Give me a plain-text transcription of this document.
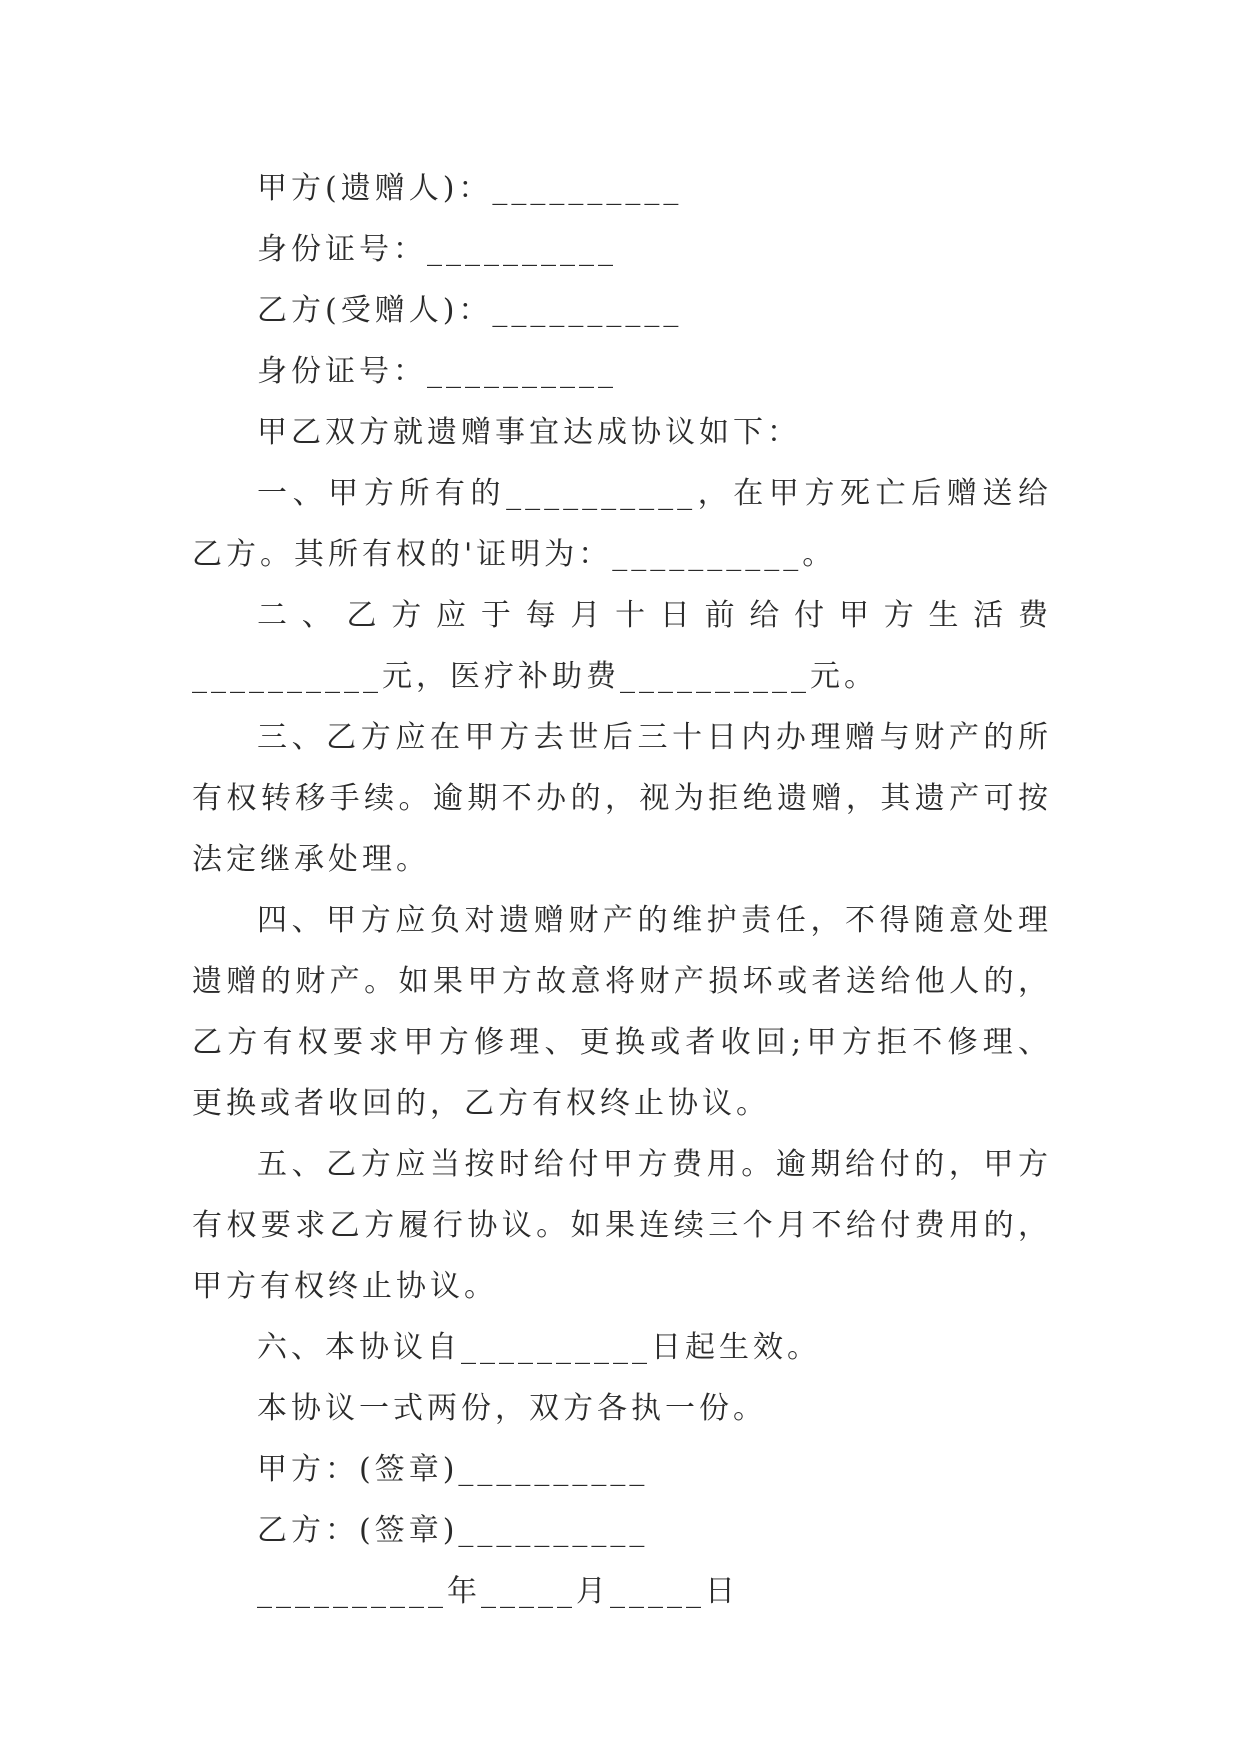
甲方(遗赠人)：__________

身份证号：__________

乙方(受赠人)：__________

身份证号：__________

甲乙双方就遗赠事宜达成协议如下：

一、甲方所有的__________，在甲方死亡后赠送给乙方。其所有权的'证明为：__________。

二、乙方应于每月十日前给付甲方生活费__________元，医疗补助费__________元。

三、乙方应在甲方去世后三十日内办理赠与财产的所有权转移手续。逾期不办的，视为拒绝遗赠，其遗产可按法定继承处理。

四、甲方应负对遗赠财产的维护责任，不得随意处理遗赠的财产。如果甲方故意将财产损坏或者送给他人的，乙方有权要求甲方修理、更换或者收回;甲方拒不修理、更换或者收回的，乙方有权终止协议。

五、乙方应当按时给付甲方费用。逾期给付的，甲方有权要求乙方履行协议。如果连续三个月不给付费用的，甲方有权终止协议。

六、本协议自__________日起生效。

本协议一式两份，双方各执一份。

甲方：(签章)__________

乙方：(签章)__________

__________年_____月_____日
